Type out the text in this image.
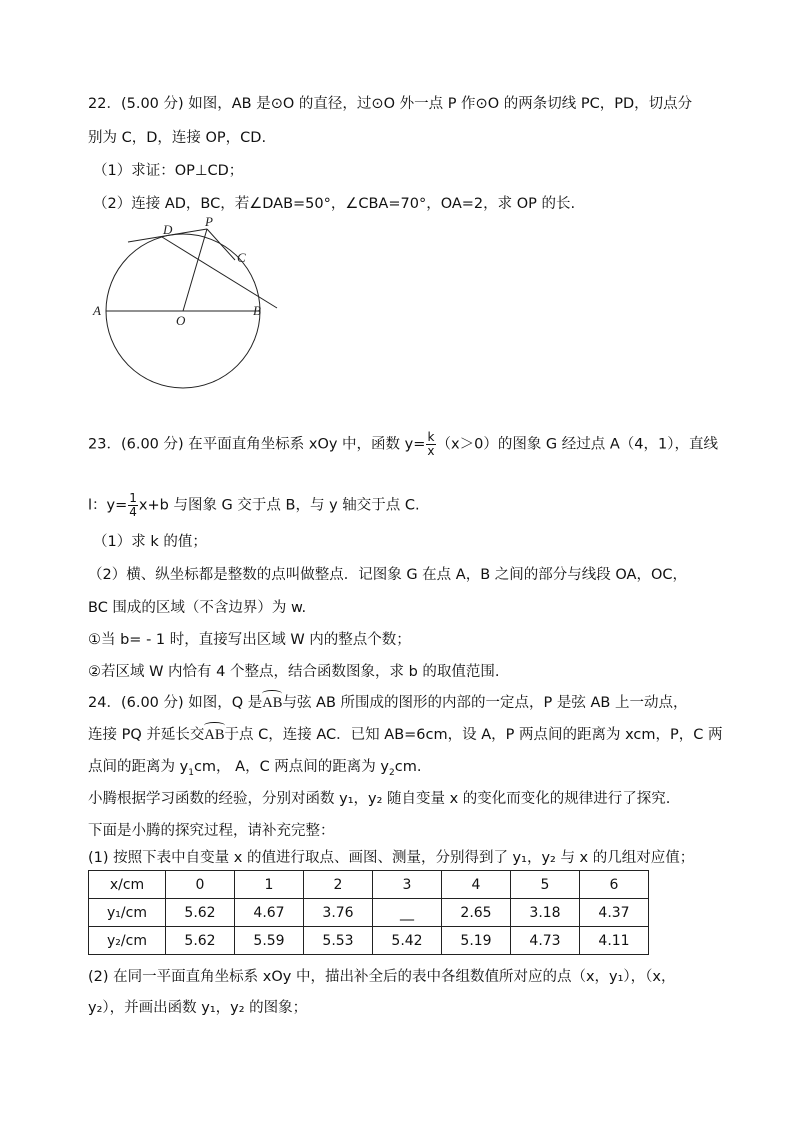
22．(5.00 分) 如图，AB 是⊙O 的直径，过⊙O 外一点 P 作⊙O 的两条切线 PC，PD，切点分
别为 C，D，连接 OP，CD.
（1）求证：OP⊥CD；
（2）连接 AD，BC，若∠DAB=50°，∠CBA=70°，OA=2，求 OP 的长.
P
D
C
A	B
O
23．(6.00 分) 在平面直角坐标系 xOy 中，函数 $y= \frac{k}{x} (x>0)$的图象 G 经过点 A（4，1），直线
l：$y= \frac{1}{4} x+b$ 与图象 G 交于点 B，与 y 轴交于点 C.
（1）求 k 的值；
（2）横、纵坐标都是整数的点叫做整点．记图象 G 在点 A，B 之间的部分与线段 OA，OC，
BC 围成的区域（不含边界）为 w.
①当 b= - 1 时，直接写出区域 W 内的整点个数；
②若区域 W 内恰有 4 个整点，结合函数图象，求 b 的取值范围.
24．(6.00 分) 如图，Q 是AB与弦 AB 所围成的图形的内部的一定点，P 是弦 AB 上一动点，
连接 PQ 并延长交AB于点 C，连接 AC．已知 AB=6cm，设 A，P 两点间的距离为 xcm，P，C 两
点间的距离为 $y_1cm$， A，C 两点间的距离为 $y_2cm$.
小腾根据学习函数的经验，分别对函数 y₁，y₂ 随自变量 x 的变化而变化的规律进行了探究.
下面是小腾的探究过程，请补充完整：
(1) 按照下表中自变量 x 的值进行取点、画图、测量，分别得到了 y₁，y₂ 与 x 的几组对应值；
x/cm	0	1	2	3	4	5	6
y₁/cm	5.62	4.67	3.76	__	2.65	3.18	4.37
y₂/cm	5.62	5.59	5.53	5.42	5.19	4.73	4.11
(2) 在同一平面直角坐标系 xOy 中，描出补全后的表中各组数值所对应的点（x，y₁），（x，
y₂），并画出函数 y₁，y₂ 的图象；
